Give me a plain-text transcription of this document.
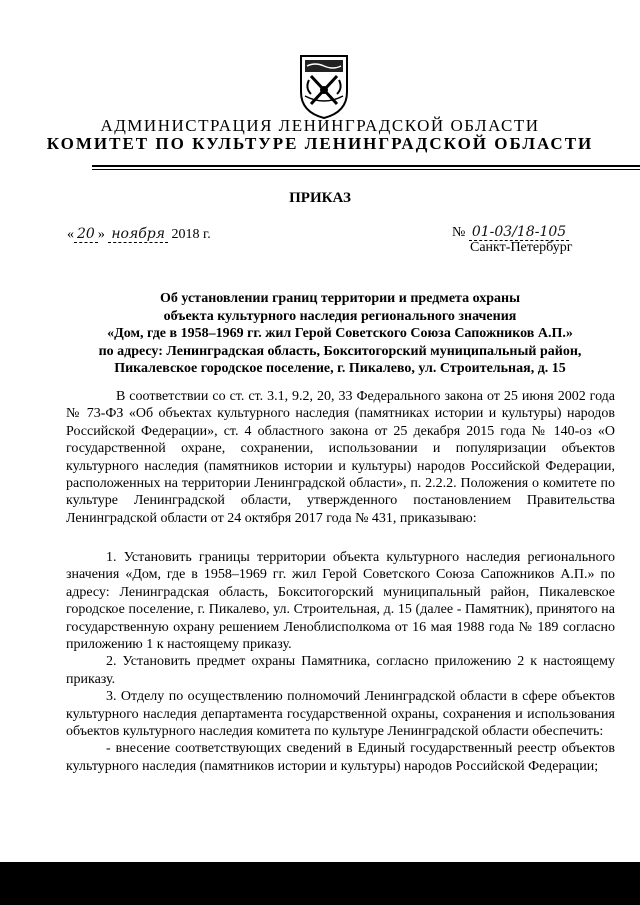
АДМИНИСТРАЦИЯ ЛЕНИНГРАДСКОЙ ОБЛАСТИ
КОМИТЕТ ПО КУЛЬТУРЕ ЛЕНИНГРАДСКОЙ ОБЛАСТИ
ПРИКАЗ
« 20 » ноября 2018 г.	№ 01-03/18-105
Санкт-Петербург
Об установлении границ территории и предмета охраны
объекта культурного наследия регионального значения
«Дом, где в 1958–1969 гг. жил Герой Советского Союза Сапожников А.П.»
по адресу: Ленинградская область, Бокситогорский муниципальный район,
Пикалевское городское поселение, г. Пикалево, ул. Строительная, д. 15

В соответствии со ст. ст. 3.1, 9.2, 20, 33 Федерального закона от 25 июня 2002 года № 73-ФЗ «Об объектах культурного наследия (памятниках истории и культуры) народов Российской Федерации», ст. 4 областного закона от 25 декабря 2015 года № 140-оз «О государственной охране, сохранении, использовании и популяризации объектов культурного наследия (памятников истории и культуры) народов Российской Федерации, расположенных на территории Ленинградской области», п. 2.2.2. Положения о комитете по культуре Ленинградской области, утвержденного постановлением Правительства Ленинградской области от 24 октября 2017 года № 431, приказываю:

1. Установить границы территории объекта культурного наследия регионального значения «Дом, где в 1958–1969 гг. жил Герой Советского Союза Сапожников А.П.» по адресу: Ленинградская область, Бокситогорский муниципальный район, Пикалевское городское поселение, г. Пикалево, ул. Строительная, д. 15 (далее - Памятник), принятого на государственную охрану решением Леноблисполкома от 16 мая 1988 года № 189 согласно приложению 1 к настоящему приказу.

2. Установить предмет охраны Памятника, согласно приложению 2 к настоящему приказу.

3. Отделу по осуществлению полномочий Ленинградской области в сфере объектов культурного наследия департамента государственной охраны, сохранения и использования объектов культурного наследия комитета по культуре Ленинградской области обеспечить:

- внесение соответствующих сведений в Единый государственный реестр объектов культурного наследия (памятников истории и культуры) народов Российской Федерации;
